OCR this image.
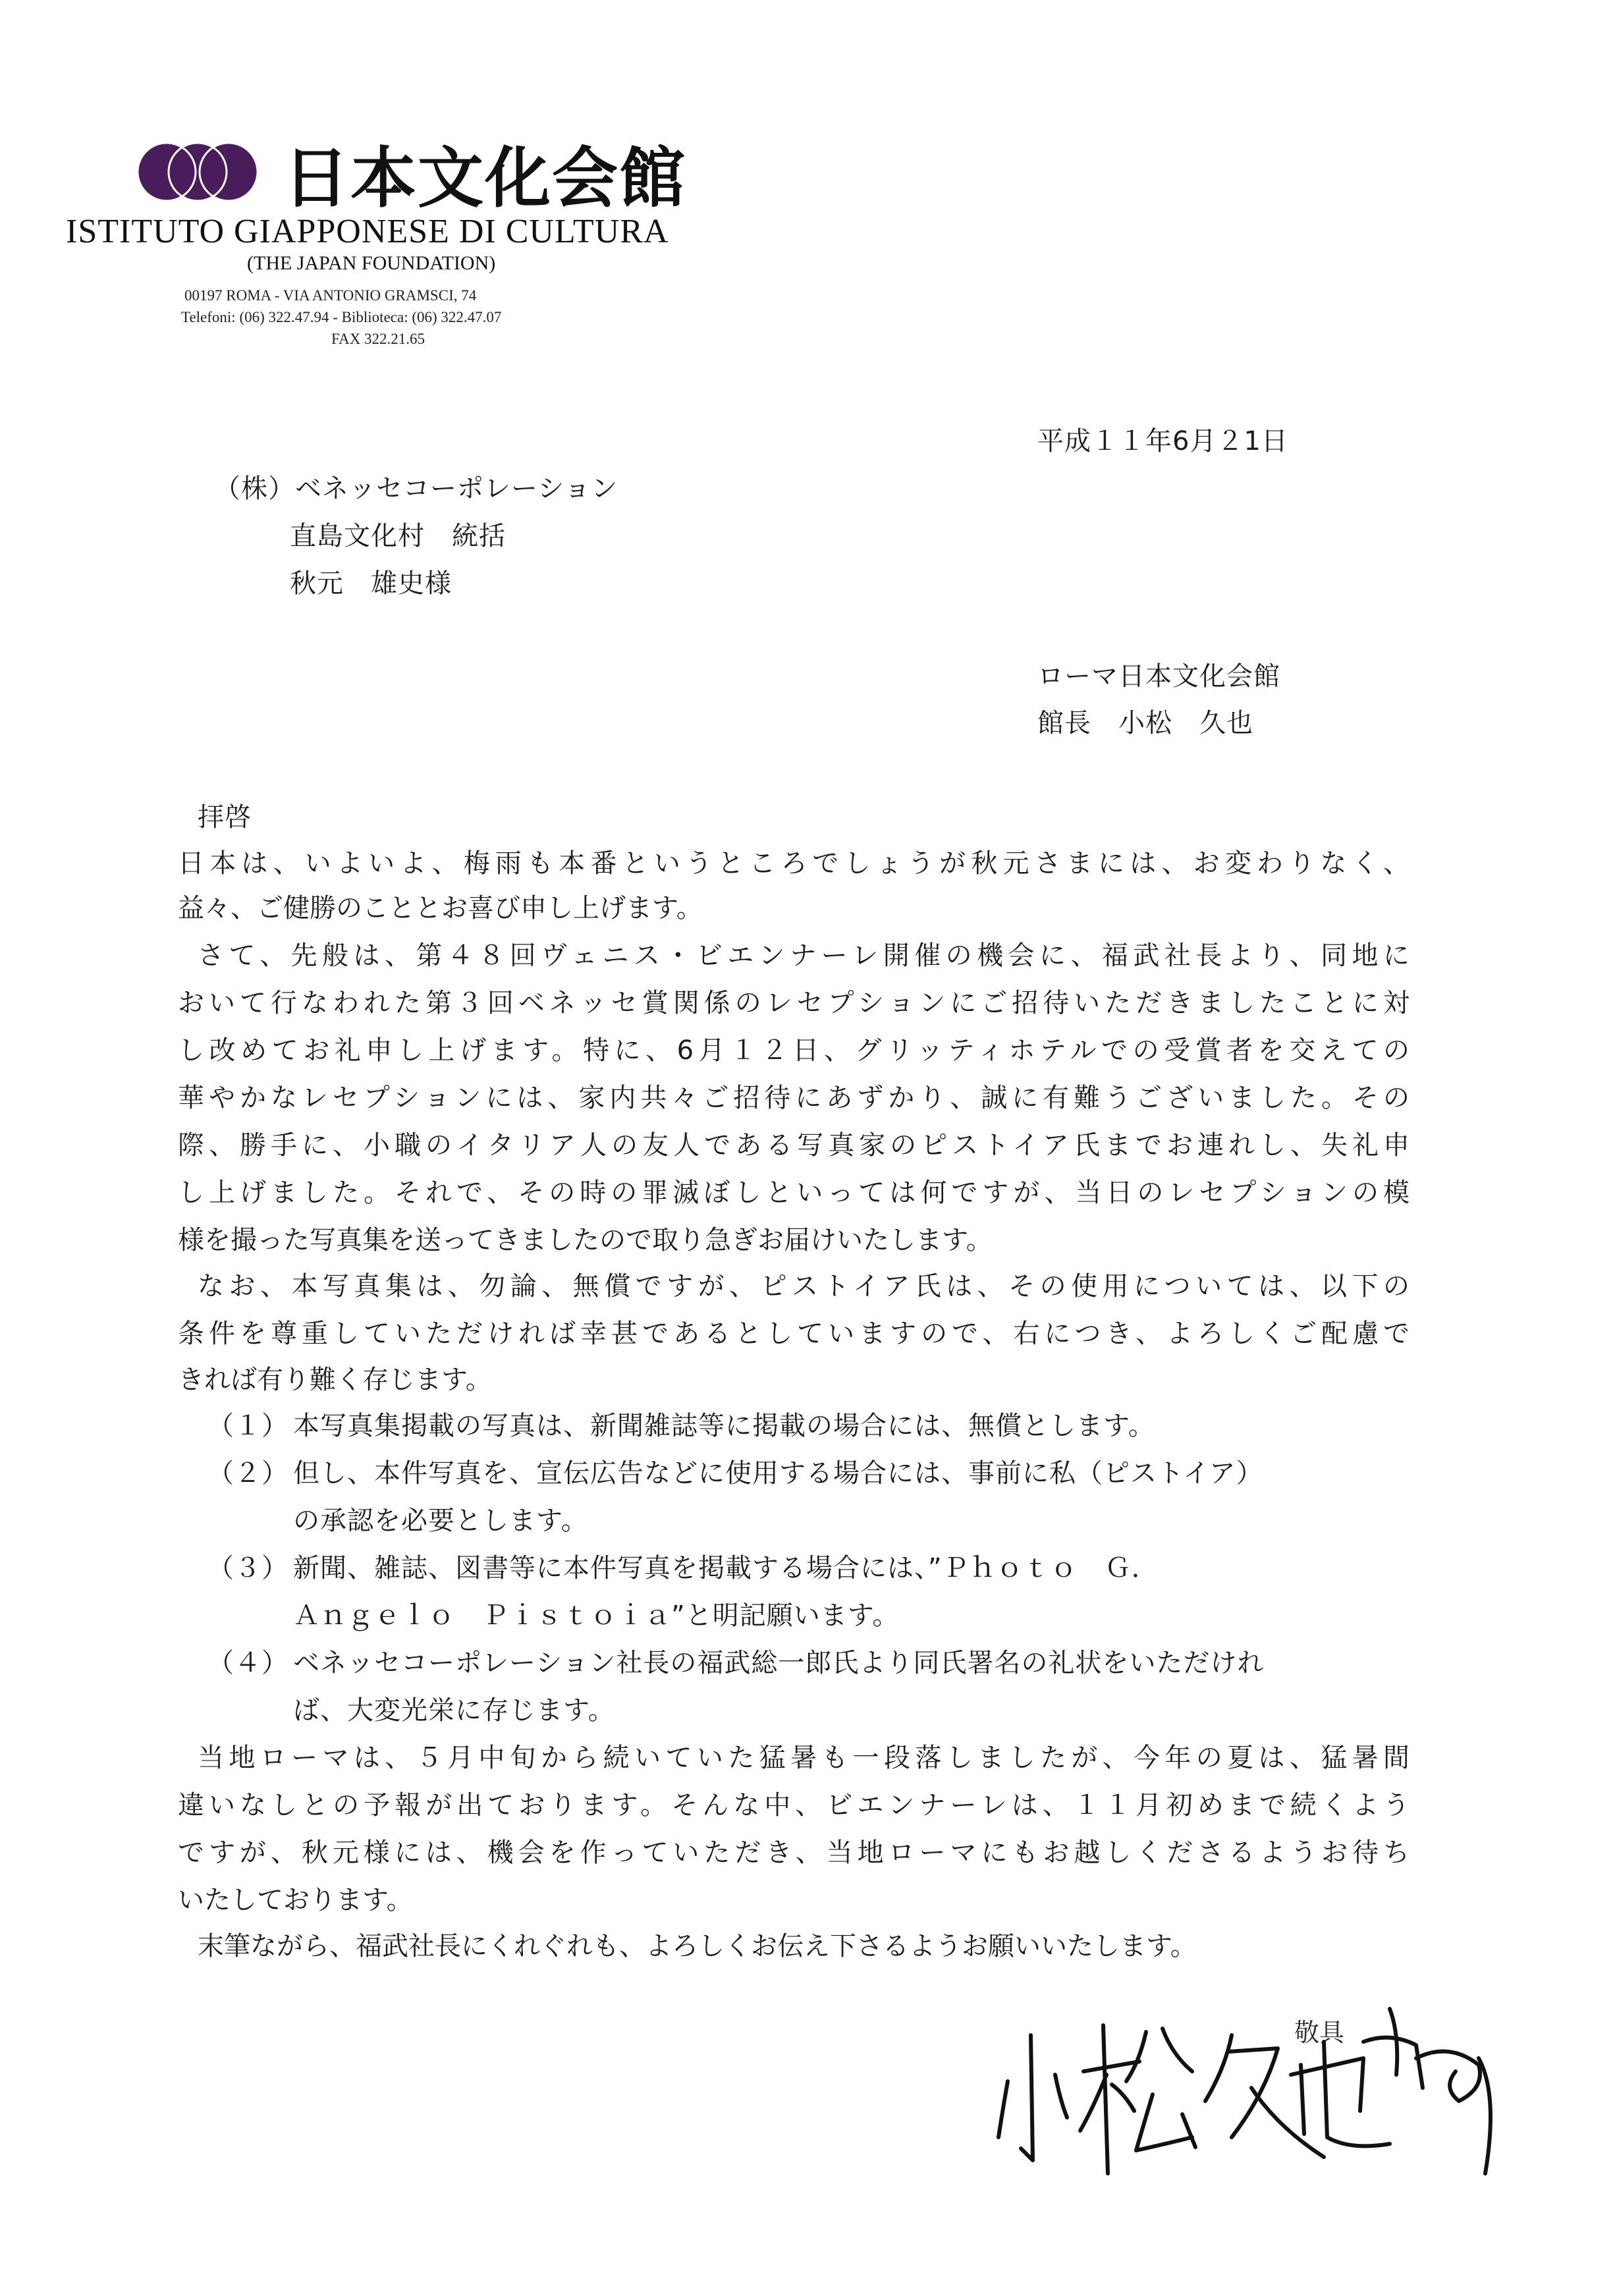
日本文化会館
ISTITUTO GIAPPONESE DI CULTURA
(THE JAPAN FOUNDATION)
00197 ROMA - VIA ANTONIO GRAMSCI, 74
Telefoni: (06) 322.47.94 - Biblioteca: (06) 322.47.07
FAX 322.21.65
平成１１年6月２1日
（株）ベネッセコーポレーション
直島文化村　統括
秋元　雄史様
ローマ日本文化会館
館長　小松　久也
拝啓
日本は、いよいよ、梅雨も本番というところでしょうが秋元さまには、お変わりなく、
益々、ご健勝のこととお喜び申し上げます。
さて、先般は、第４８回ヴェニス・ビエンナーレ開催の機会に、福武社長より、同地に
おいて行なわれた第３回ベネッセ賞関係のレセプションにご招待いただきましたことに対
し改めてお礼申し上げます。特に、6月１２日、グリッティホテルでの受賞者を交えての
華やかなレセプションには、家内共々ご招待にあずかり、誠に有難うございました。その
際、勝手に、小職のイタリア人の友人である写真家のピストイア氏までお連れし、失礼申
し上げました。それで、その時の罪滅ぼしといっては何ですが、当日のレセプションの模
様を撮った写真集を送ってきましたので取り急ぎお届けいたします。
なお、本写真集は、勿論、無償ですが、ピストイア氏は、その使用については、以下の
条件を尊重していただければ幸甚であるとしていますので、右につき、よろしくご配慮で
きれば有り難く存じます。
（１） 本写真集掲載の写真は、新聞雑誌等に掲載の場合には、無償とします。
（２） 但し、本件写真を、宣伝広告などに使用する場合には、事前に私（ピストイア）
の承認を必要とします。
（３） 新聞、雑誌、図書等に本件写真を掲載する場合には、”Ｐｈｏｔｏ　Ｇ．
Ａｎｇｅｌｏ　Ｐｉｓｔｏｉａ”と明記願います。
（４） ベネッセコーポレーション社長の福武総一郎氏より同氏署名の礼状をいただけれ
ば、大変光栄に存じます。
当地ローマは、５月中旬から続いていた猛暑も一段落しましたが、今年の夏は、猛暑間
違いなしとの予報が出ております。そんな中、ビエンナーレは、１１月初めまで続くよう
ですが、秋元様には、機会を作っていただき、当地ローマにもお越しくださるようお待ち
いたしております。
末筆ながら、福武社長にくれぐれも、よろしくお伝え下さるようお願いいたします。
敬具
